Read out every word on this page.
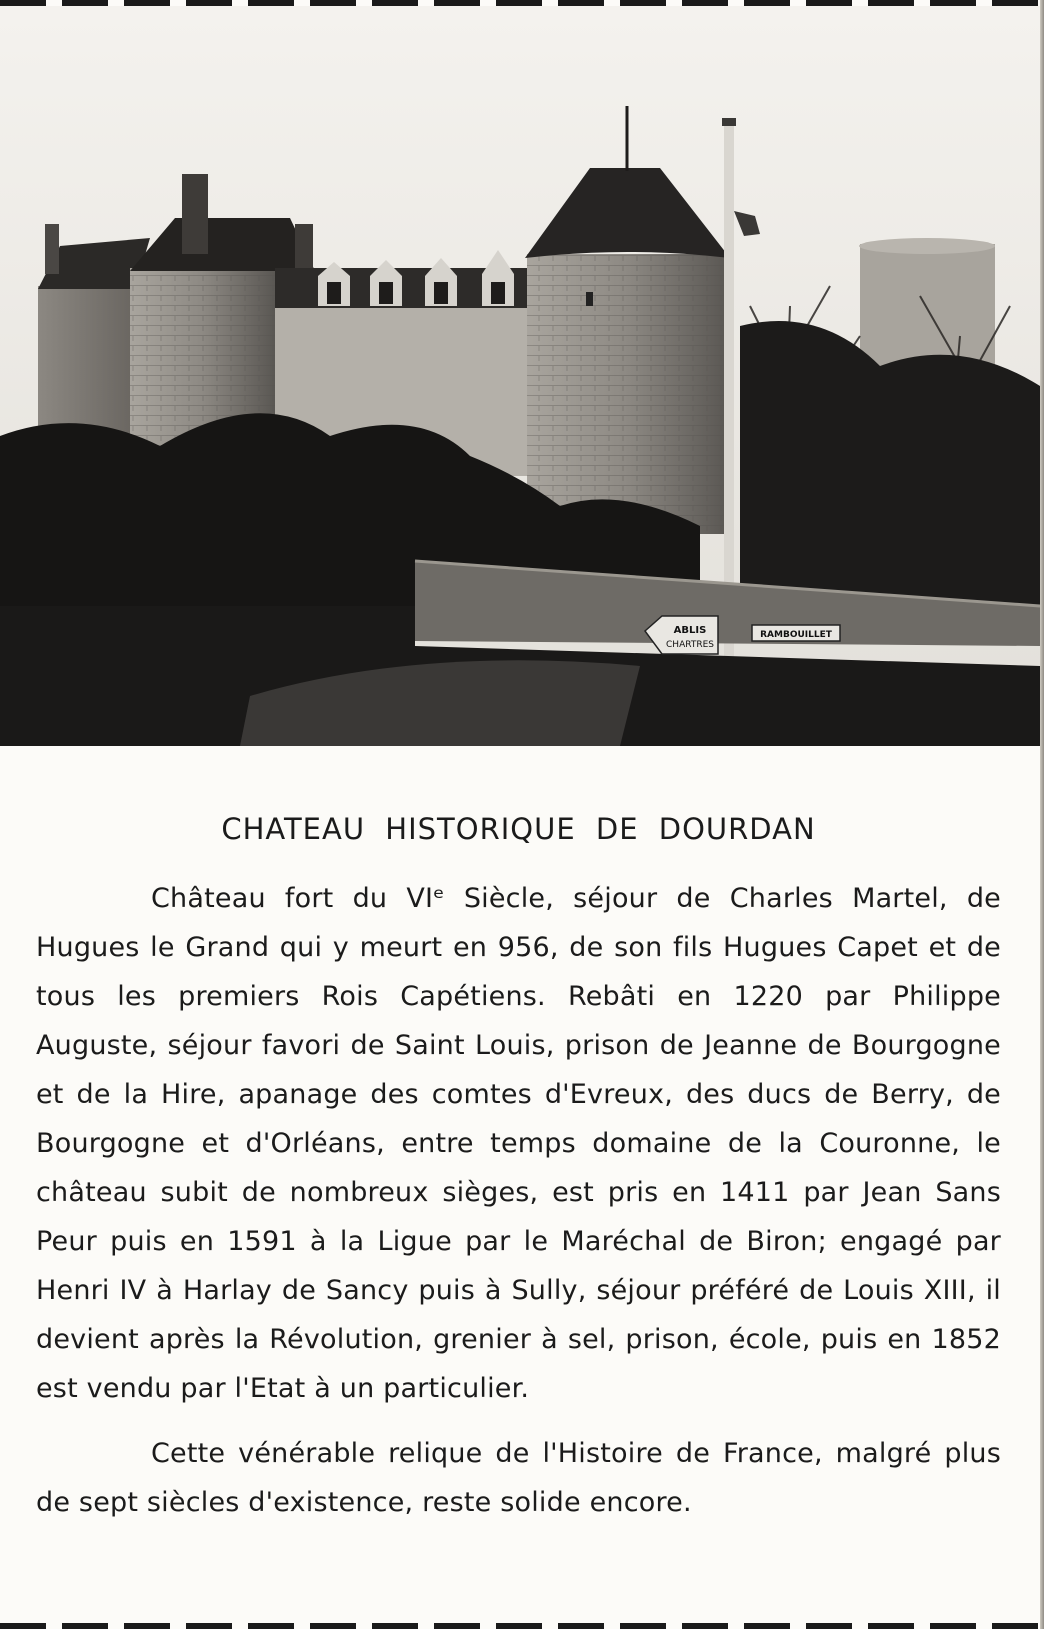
ABLIS
CHARTRES
RAMBOUILLET
CHATEAU HISTORIQUE DE DOURDAN

Château fort du VIᵉ Siècle, séjour de Charles Martel, de Hugues le Grand qui y meurt en 956, de son fils Hugues Capet et de tous les premiers Rois Capétiens. Rebâti en 1220 par Philippe Auguste, séjour favori de Saint Louis, prison de Jeanne de Bourgogne et de la Hire, apanage des comtes d'Evreux, des ducs de Berry, de Bourgogne et d'Orléans, entre temps domaine de la Couronne, le château subit de nombreux sièges, est pris en 1411 par Jean Sans Peur puis en 1591 à la Ligue par le Maréchal de Biron; engagé par Henri IV à Harlay de Sancy puis à Sully, séjour préféré de Louis XIII, il devient après la Révolution, grenier à sel, prison, école, puis en 1852 est vendu par l'Etat à un particulier.

Cette vénérable relique de l'Histoire de France, malgré plus de sept siècles d'existence, reste solide encore.
